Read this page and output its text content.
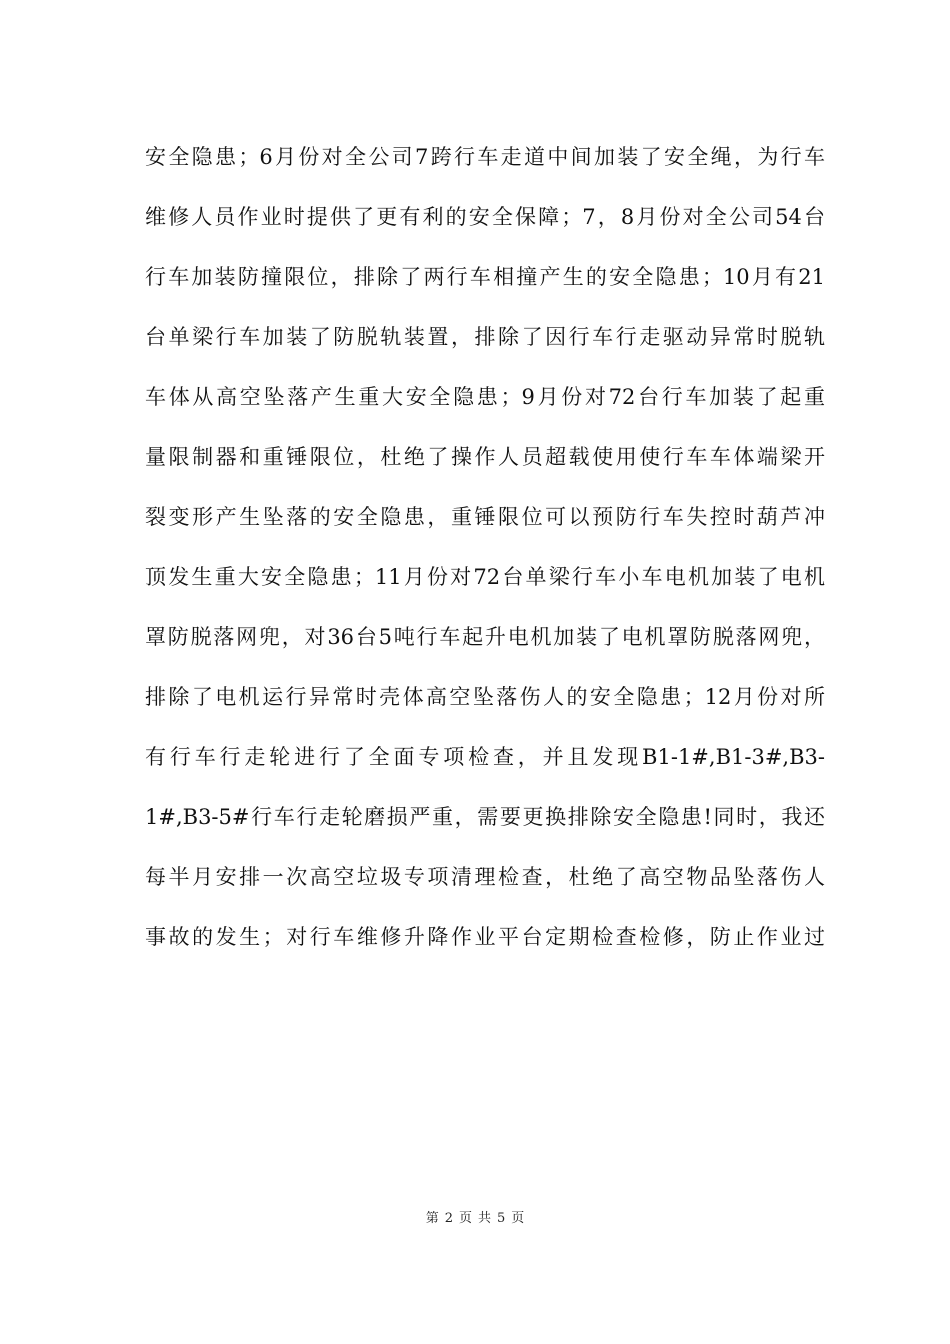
安全隐患；6月份对全公司7跨行车走道中间加装了安全绳，为行车
维修人员作业时提供了更有利的安全保障；7，8月份对全公司54台
行车加装防撞限位，排除了两行车相撞产生的安全隐患；10月有21
台单梁行车加装了防脱轨装置，排除了因行车行走驱动异常时脱轨
车体从高空坠落产生重大安全隐患；9月份对72台行车加装了起重
量限制器和重锤限位，杜绝了操作人员超载使用使行车车体端梁开
裂变形产生坠落的安全隐患，重锤限位可以预防行车失控时葫芦冲
顶发生重大安全隐患；11月份对72台单梁行车小车电机加装了电机
罩防脱落网兜，对36台5吨行车起升电机加装了电机罩防脱落网兜，
排除了电机运行异常时壳体高空坠落伤人的安全隐患；12月份对所
有行车行走轮进行了全面专项检查，并且发现B1-1#,B1-3#,B3-
1#,B3-5#行车行走轮磨损严重，需要更换排除安全隐患!同时，我还
每半月安排一次高空垃圾专项清理检查，杜绝了高空物品坠落伤人
事故的发生；对行车维修升降作业平台定期检查检修，防止作业过
第 2 页 共 5 页
